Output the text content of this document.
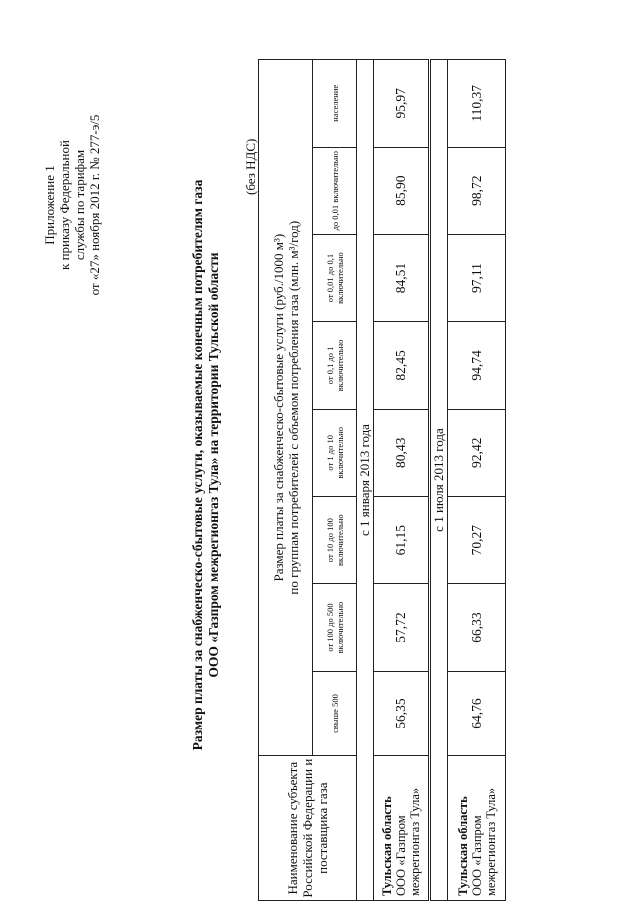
Приложение 1 к приказу Федеральной службы по тарифам от «27» ноября 2012 г. № 277-э/5	Размер платы за снабженческо-сбытовые услуги, оказываемые конечным потребителям газа ООО «Газпром межрегионгаз Тула» на территории Тульской области
(без НДС)
Наименование субъекта Российской Федерации и поставщика газа	Размер платы за снабженческо-сбытовые услуги (руб./1000 м³) по группам потребителей с объемом потребления газа (млн. м³/год)							

	свыше 500	от 100 до 500 включительно	от 10 до 100 включительно	от 1 до 10 включительно	от 0,1 до 1 включительно	от 0,01 до 0,1 включительно	до 0,01 включительно	население
с 1 января 2013 года								

Тульская область ООО «Газпром межрегионгаз Тула»	56,35	57,72	61,15	80,43	82,45	84,51	85,90	95,97
с 1 июля 2013 года								

Тульская область ООО «Газпром межрегионгаз Тула»	64,76	66,33	70,27	92,42	94,74	97,11	98,72	110,37
